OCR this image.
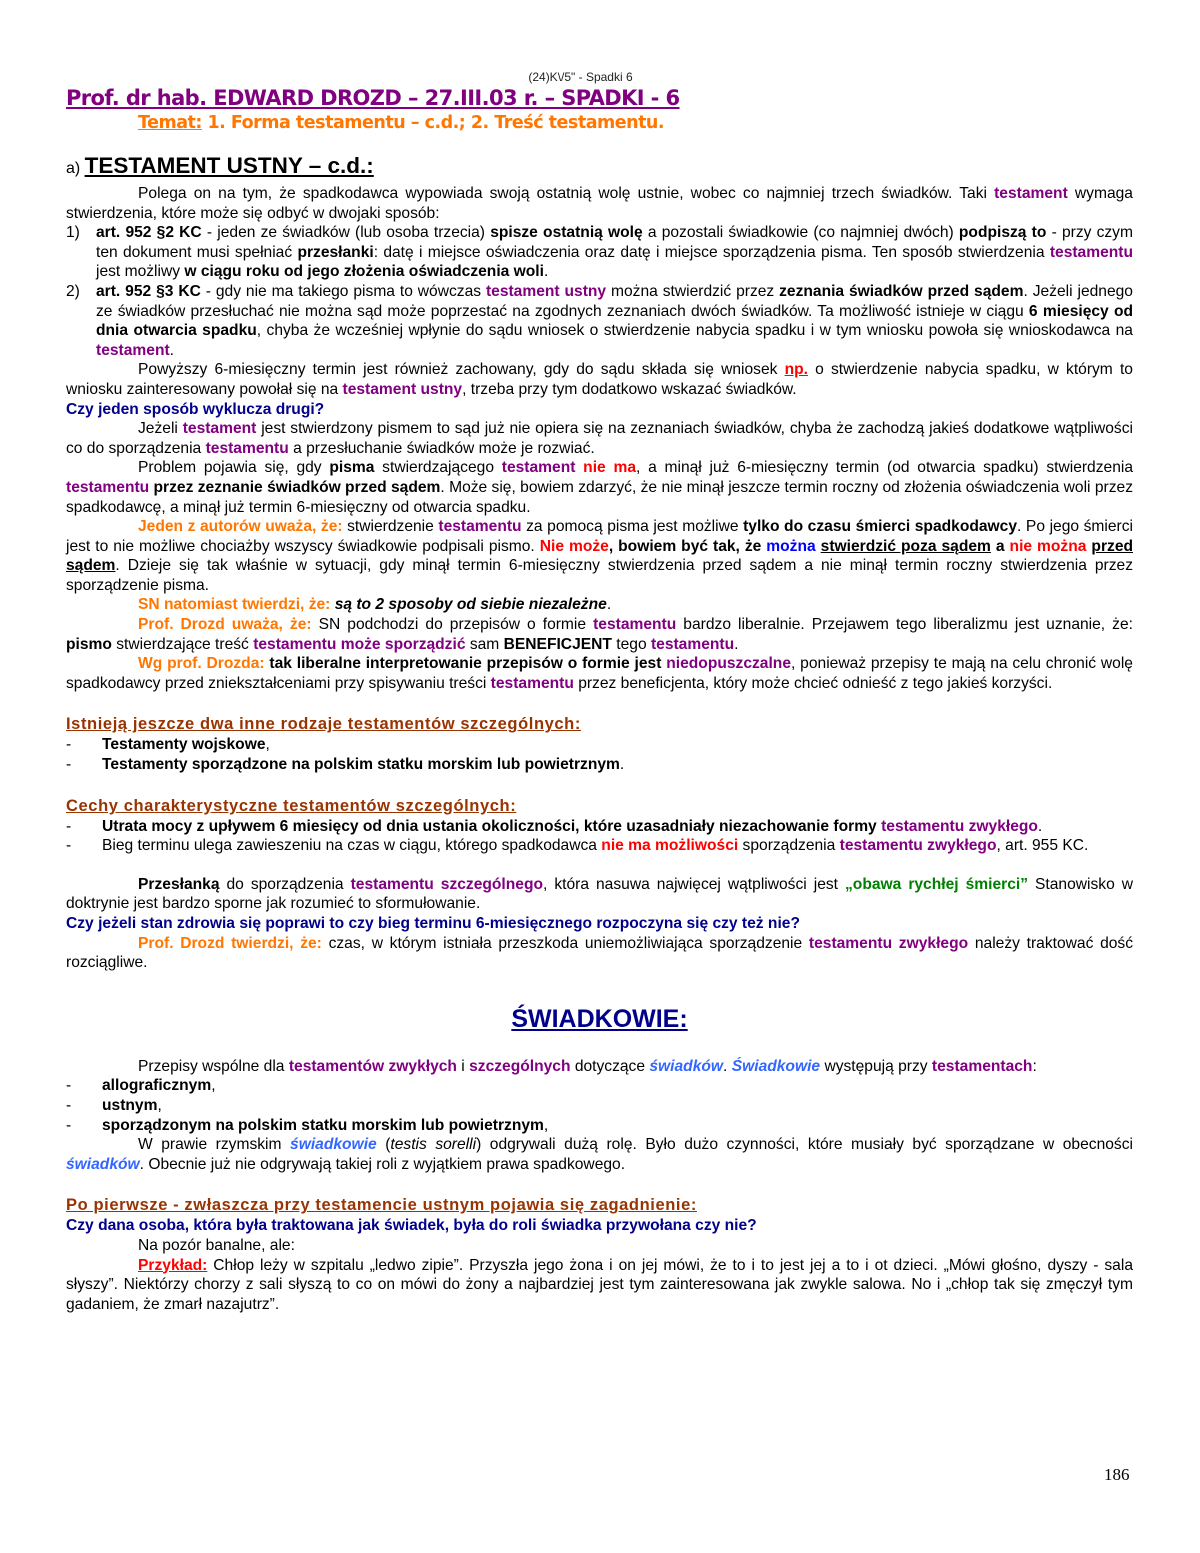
(24)K\/5" - Spadki 6
Prof. dr hab. EDWARD DROZD – 27.III.03 r. – SPADKI - 6
Temat: 1. Forma testamentu – c.d.; 2. Treść testamentu.
a) TESTAMENT USTNY – c.d.:

Polega on na tym, że spadkodawca wypowiada swoją ostatnią wolę ustnie, wobec co najmniej trzech świadków. Taki testament wymaga stwierdzenia, które może się odbyć w dwojaki sposób:

1) art. 952 §2 KC - jeden ze świadków (lub osoba trzecia) spisze ostatnią wolę a pozostali świadkowie (co najmniej dwóch) podpiszą to - przy czym ten dokument musi spełniać przesłanki: datę i miejsce oświadczenia oraz datę i miejsce sporządzenia pisma. Ten sposób stwierdzenia testamentu jest możliwy w ciągu roku od jego złożenia oświadczenia woli.
2) art. 952 §3 KC - gdy nie ma takiego pisma to wówczas testament ustny można stwierdzić przez zeznania świadków przed sądem. Jeżeli jednego ze świadków przesłuchać nie można sąd może poprzestać na zgodnych zeznaniach dwóch świadków. Ta możliwość istnieje w ciągu 6 miesięcy od dnia otwarcia spadku, chyba że wcześniej wpłynie do sądu wniosek o stwierdzenie nabycia spadku i w tym wniosku powoła się wnioskodawca na testament.

Powyższy 6-miesięczny termin jest również zachowany, gdy do sądu składa się wniosek np. o stwierdzenie nabycia spadku, w którym to wniosku zainteresowany powołał się na testament ustny, trzeba przy tym dodatkowo wskazać świadków.

Czy jeden sposób wyklucza drugi?

Jeżeli testament jest stwierdzony pismem to sąd już nie opiera się na zeznaniach świadków, chyba że zachodzą jakieś dodatkowe wątpliwości co do sporządzenia testamentu a przesłuchanie świadków może je rozwiać.

Problem pojawia się, gdy pisma stwierdzającego testament nie ma, a minął już 6-miesięczny termin (od otwarcia spadku) stwierdzenia testamentu przez zeznanie świadków przed sądem. Może się, bowiem zdarzyć, że nie minął jeszcze termin roczny od złożenia oświadczenia woli przez spadkodawcę, a minął już termin 6-miesięczny od otwarcia spadku.

Jeden z autorów uważa, że: stwierdzenie testamentu za pomocą pisma jest możliwe tylko do czasu śmierci spadkodawcy. Po jego śmierci jest to nie możliwe chociażby wszyscy świadkowie podpisali pismo. Nie może, bowiem być tak, że można stwierdzić poza sądem a nie można przed sądem. Dzieje się tak właśnie w sytuacji, gdy minął termin 6-miesięczny stwierdzenia przed sądem a nie minął termin roczny stwierdzenia przez sporządzenie pisma.

SN natomiast twierdzi, że: są to 2 sposoby od siebie niezależne.

Prof. Drozd uważa, że: SN podchodzi do przepisów o formie testamentu bardzo liberalnie. Przejawem tego liberalizmu jest uznanie, że: pismo stwierdzające treść testamentu może sporządzić sam BENEFICJENT tego testamentu.

Wg prof. Drozda: tak liberalne interpretowanie przepisów o formie jest niedopuszczalne, ponieważ przepisy te mają na celu chronić wolę spadkodawcy przed zniekształceniami przy spisywaniu treści testamentu przez beneficjenta, który może chcieć odnieść z tego jakieś korzyści.

Istnieją jeszcze dwa inne rodzaje testamentów szczególnych:
- Testamenty wojskowe,
- Testamenty sporządzone na polskim statku morskim lub powietrznym.
Cechy charakterystyczne testamentów szczególnych:
- Utrata mocy z upływem 6 miesięcy od dnia ustania okoliczności, które uzasadniały niezachowanie formy testamentu zwykłego.
- Bieg terminu ulega zawieszeniu na czas w ciągu, którego spadkodawca nie ma możliwości sporządzenia testamentu zwykłego, art. 955 KC.

Przesłanką do sporządzenia testamentu szczególnego, która nasuwa najwięcej wątpliwości jest „obawa rychłej śmierci” Stanowisko w doktrynie jest bardzo sporne jak rozumieć to sformułowanie.

Czy jeżeli stan zdrowia się poprawi to czy bieg terminu 6-miesięcznego rozpoczyna się czy też nie?

Prof. Drozd twierdzi, że: czas, w którym istniała przeszkoda uniemożliwiająca sporządzenie testamentu zwykłego należy traktować dość rozciągliwe.

ŚWIADKOWIE:

Przepisy wspólne dla testamentów zwykłych i szczególnych dotyczące świadków. Świadkowie występują przy testamentach:

- allograficznym,
- ustnym,
- sporządzonym na polskim statku morskim lub powietrznym,

W prawie rzymskim świadkowie (testis sorelli) odgrywali dużą rolę. Było dużo czynności, które musiały być sporządzane w obecności świadków. Obecnie już nie odgrywają takiej roli z wyjątkiem prawa spadkowego.

Po pierwsze - zwłaszcza przy testamencie ustnym pojawia się zagadnienie:

Czy dana osoba, która była traktowana jak świadek, była do roli świadka przywołana czy nie?

Na pozór banalne, ale:

Przykład: Chłop leży w szpitalu „ledwo zipie”. Przyszła jego żona i on jej mówi, że to i to jest jej a to i ot dzieci. „Mówi głośno, dyszy - sala słyszy”. Niektórzy chorzy z sali słyszą to co on mówi do żony a najbardziej jest tym zainteresowana jak zwykle salowa. No i „chłop tak się zmęczył tym gadaniem, że zmarł nazajutrz”.

186
